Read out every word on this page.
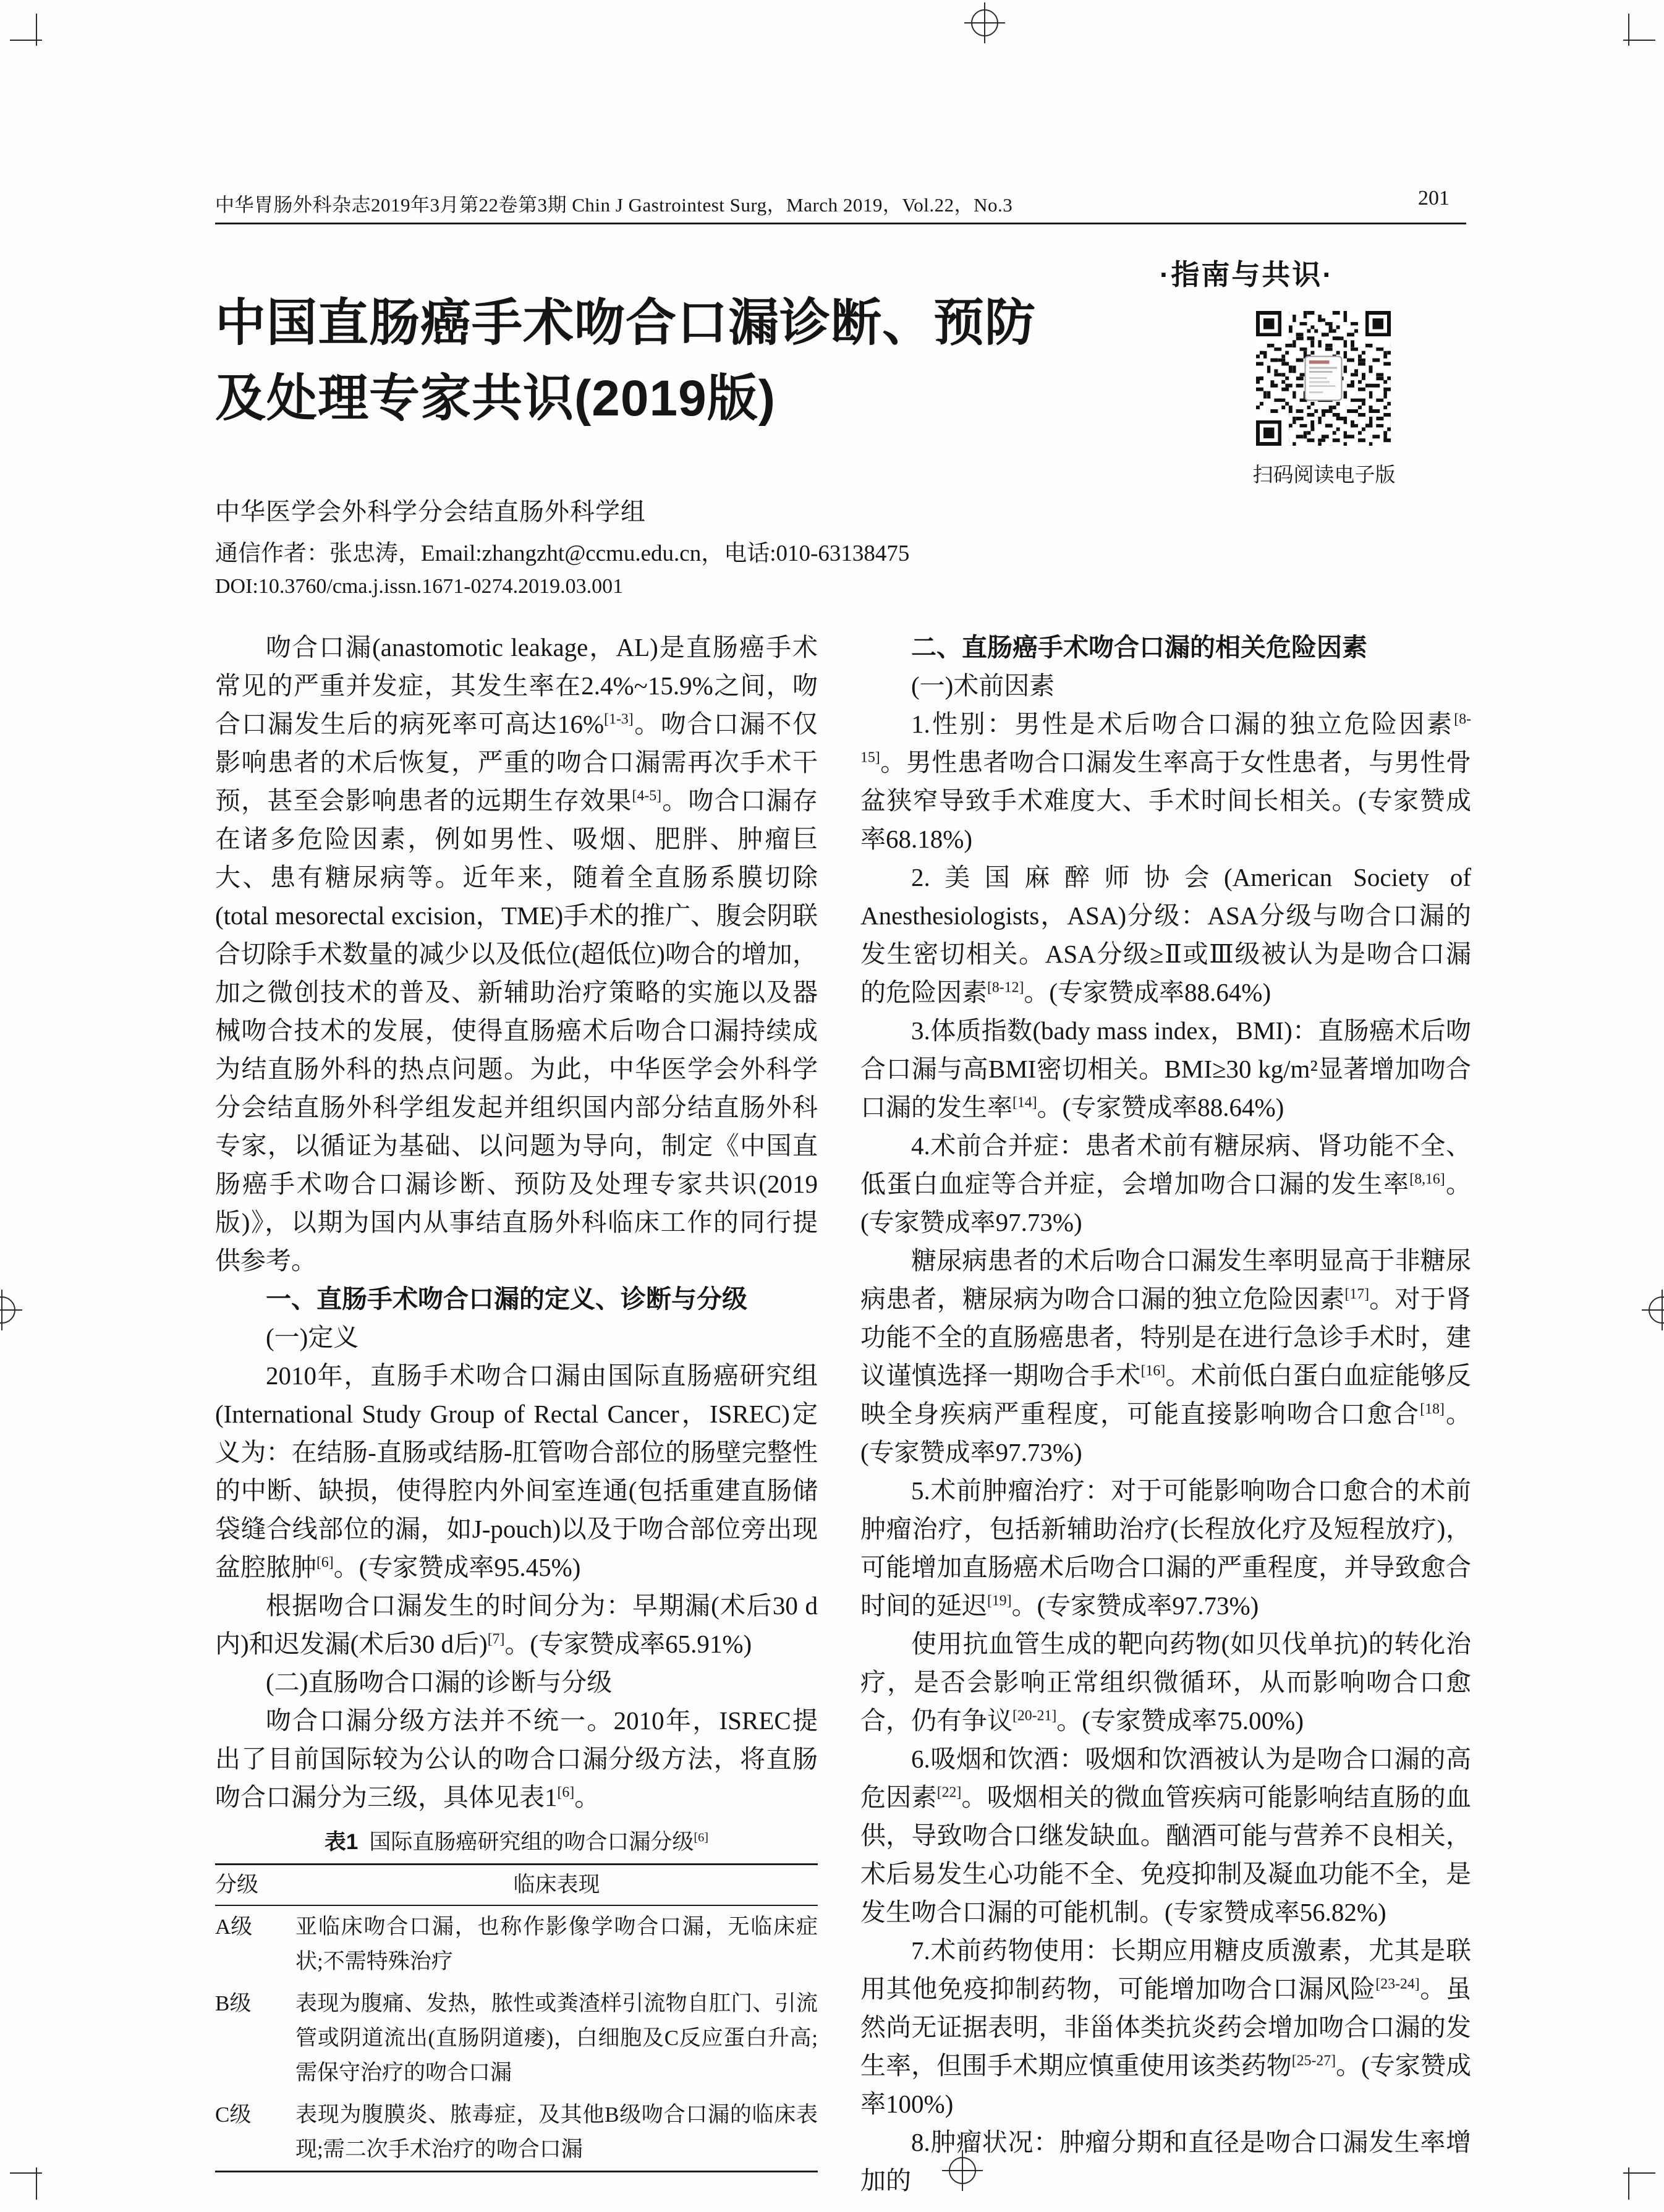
中华胃肠外科杂志2019年3月第22卷第3期 Chin J Gastrointest Surg，March 2019，Vol.22，No.3	201
·指南与共识·
中国直肠癌手术吻合口漏诊断、预防
及处理专家共识(2019版)
扫码阅读电子版
中华医学会外科学分会结直肠外科学组
通信作者：张忠涛，Email:zhangzht@ccmu.edu.cn，电话:010-63138475
DOI:10.3760/cma.j.issn.1671-0274.2019.03.001

吻合口漏(anastomotic leakage，AL)是直肠癌手术常见的严重并发症，其发生率在2.4%~15.9%之间，吻合口漏发生后的病死率可高达16%[1-3]。吻合口漏不仅影响患者的术后恢复，严重的吻合口漏需再次手术干预，甚至会影响患者的远期生存效果[4-5]。吻合口漏存在诸多危险因素，例如男性、吸烟、肥胖、肿瘤巨大、患有糖尿病等。近年来，随着全直肠系膜切除(total mesorectal excision，TME)手术的推广、腹会阴联合切除手术数量的减少以及低位(超低位)吻合的增加，加之微创技术的普及、新辅助治疗策略的实施以及器械吻合技术的发展，使得直肠癌术后吻合口漏持续成为结直肠外科的热点问题。为此，中华医学会外科学分会结直肠外科学组发起并组织国内部分结直肠外科专家，以循证为基础、以问题为导向，制定《中国直肠癌手术吻合口漏诊断、预防及处理专家共识(2019版)》，以期为国内从事结直肠外科临床工作的同行提供参考。

一、直肠手术吻合口漏的定义、诊断与分级

(一)定义

2010年，直肠手术吻合口漏由国际直肠癌研究组(International Study Group of Rectal Cancer，ISREC)定义为：在结肠-直肠或结肠-肛管吻合部位的肠壁完整性的中断、缺损，使得腔内外间室连通(包括重建直肠储袋缝合线部位的漏，如J-pouch)以及于吻合部位旁出现盆腔脓肿[6]。(专家赞成率95.45%)

根据吻合口漏发生的时间分为：早期漏(术后30 d内)和迟发漏(术后30 d后)[7]。(专家赞成率65.91%)

(二)直肠吻合口漏的诊断与分级

吻合口漏分级方法并不统一。2010年，ISREC提出了目前国际较为公认的吻合口漏分级方法，将直肠吻合口漏分为三级，具体见表1[6]。

表1 国际直肠癌研究组的吻合口漏分级[6]
分级	临床表现
A级	亚临床吻合口漏，也称作影像学吻合口漏，无临床症状;不需特殊治疗
B级	表现为腹痛、发热，脓性或粪渣样引流物自肛门、引流管或阴道流出(直肠阴道瘘)，白细胞及C反应蛋白升高;需保守治疗的吻合口漏
C级	表现为腹膜炎、脓毒症，及其他B级吻合口漏的临床表现;需二次手术治疗的吻合口漏

二、直肠癌手术吻合口漏的相关危险因素

(一)术前因素

1.性别：男性是术后吻合口漏的独立危险因素[8-15]。男性患者吻合口漏发生率高于女性患者，与男性骨盆狭窄导致手术难度大、手术时间长相关。(专家赞成率68.18%)

2.美国麻醉师协会(American Society of Anesthesiologists，ASA)分级：ASA分级与吻合口漏的发生密切相关。ASA分级≥Ⅱ或Ⅲ级被认为是吻合口漏的危险因素[8-12]。(专家赞成率88.64%)

3.体质指数(bady mass index，BMI)：直肠癌术后吻合口漏与高BMI密切相关。BMI≥30 kg/m²显著增加吻合口漏的发生率[14]。(专家赞成率88.64%)

4.术前合并症：患者术前有糖尿病、肾功能不全、低蛋白血症等合并症，会增加吻合口漏的发生率[8,16]。(专家赞成率97.73%)

糖尿病患者的术后吻合口漏发生率明显高于非糖尿病患者，糖尿病为吻合口漏的独立危险因素[17]。对于肾功能不全的直肠癌患者，特别是在进行急诊手术时，建议谨慎选择一期吻合手术[16]。术前低白蛋白血症能够反映全身疾病严重程度，可能直接影响吻合口愈合[18]。(专家赞成率97.73%)

5.术前肿瘤治疗：对于可能影响吻合口愈合的术前肿瘤治疗，包括新辅助治疗(长程放化疗及短程放疗)，可能增加直肠癌术后吻合口漏的严重程度，并导致愈合时间的延迟[19]。(专家赞成率97.73%)

使用抗血管生成的靶向药物(如贝伐单抗)的转化治疗，是否会影响正常组织微循环，从而影响吻合口愈合，仍有争议[20-21]。(专家赞成率75.00%)

6.吸烟和饮酒：吸烟和饮酒被认为是吻合口漏的高危因素[22]。吸烟相关的微血管疾病可能影响结直肠的血供，导致吻合口继发缺血。酗酒可能与营养不良相关，术后易发生心功能不全、免疫抑制及凝血功能不全，是发生吻合口漏的可能机制。(专家赞成率56.82%)

7.术前药物使用：长期应用糖皮质激素，尤其是联用其他免疫抑制药物，可能增加吻合口漏风险[23-24]。虽然尚无证据表明，非甾体类抗炎药会增加吻合口漏的发生率，但围手术期应慎重使用该类药物[25-27]。(专家赞成率100%)

8.肿瘤状况：肿瘤分期和直径是吻合口漏发生率增加的
